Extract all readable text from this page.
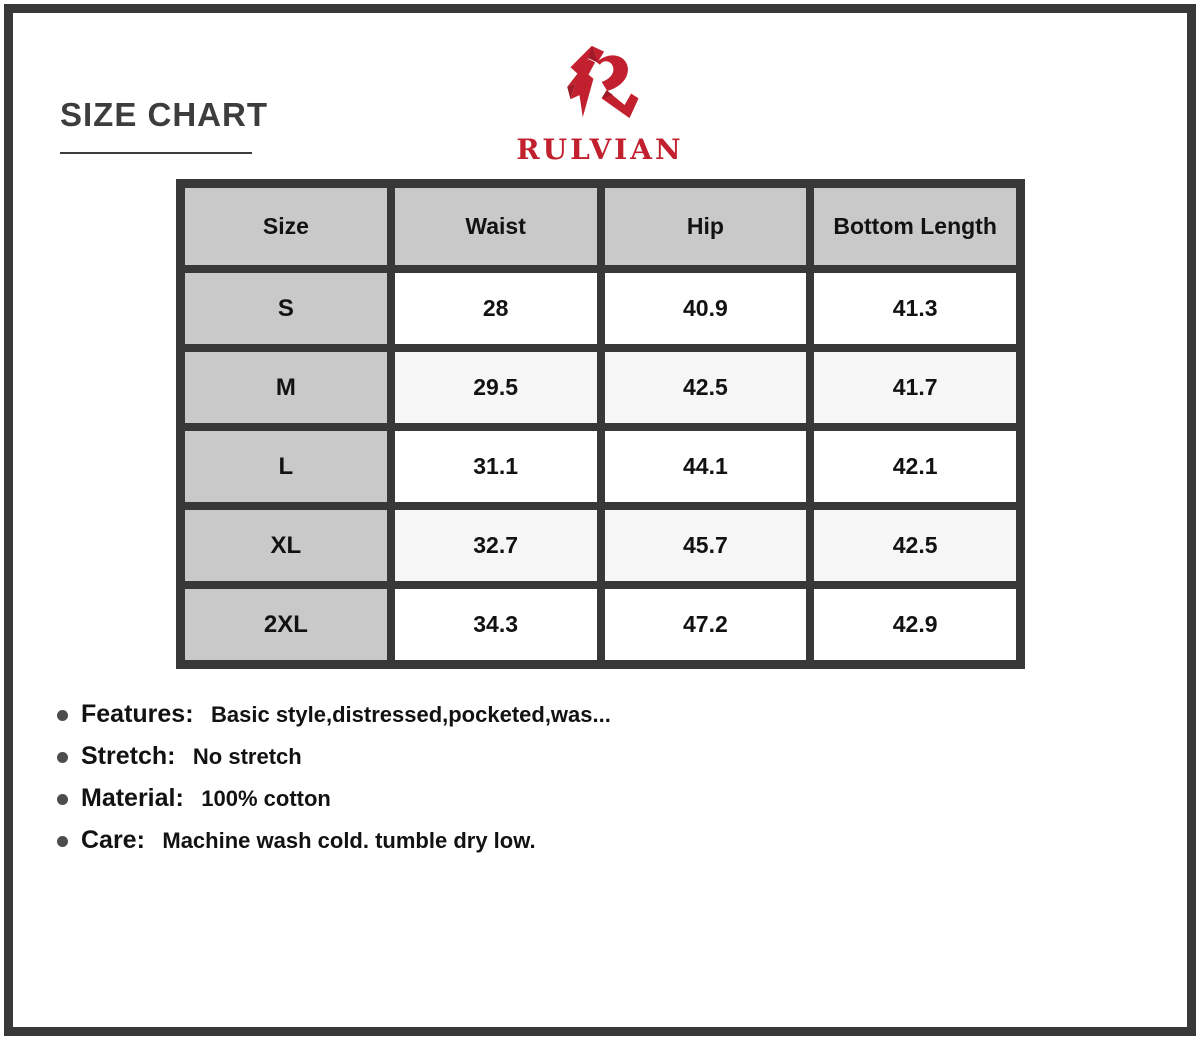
SIZE CHART
RULVIAN
Size	Waist	Hip	Bottom Length
S	28	40.9	41.3
M	29.5	42.5	41.7
L	31.1	44.1	42.1
XL	32.7	45.7	42.5
2XL	34.3	47.2	42.9
Features: Basic style,distressed,pocketed,was...
Stretch: No stretch
Material: 100% cotton
Care: Machine wash cold. tumble dry low.
